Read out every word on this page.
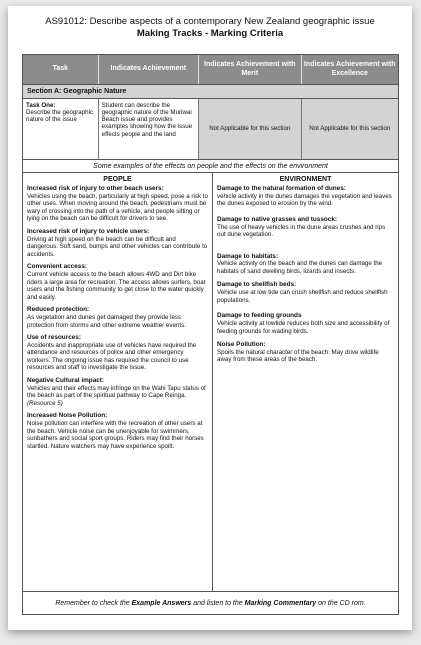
AS91012: Describe aspects of a contemporary New Zealand geographic issue
Making Tracks - Marking Criteria
Task	Indicates Achievement
Indicates Achievement with Merit
Indicates Achievement with Excellence
Section A: Geographic Nature
Task One:
Describe the geographic nature of the issue
Student can describe the geographic nature of the Muriwai Beach issue and provides examples showing how the issue effects people and the land
Not Applicable for this section	Not Applicable for this section
Some examples of the effects on people and the effects on the environment
PEOPLE
Increased risk of injury to other beach users:
Vehicles using the beach, particularly at high speed, pose a risk to other uses. When moving around the beach, pedestrians must be wary of crossing into the path of a vehicle, and people sitting or lying on the beach can be difficult for drivers to see.
Increased risk of injury to vehicle users:
Driving at high speed on the beach can be difficult and dangerous. Soft sand, bumps and other vehicles can contribute to accidents.
Convenient access:
Current vehicle access to the beach allows 4WD and Dirt bike riders a large area for recreation. The access allows surfers, boat users and the fishing community to get close to the water quickly and easily.
Reduced protection:
As vegetation and dunes get damaged they provide less protection from storms and other extreme weather events.
Use of resources:
Accidents and inappropriate use of vehicles have required the attendance and resources of police and other emergency workers. The ongoing issue has required the council to use resources and staff to investigate the issue.
Negative Cultural impact:
Vehicles and their effects may infringe on the Wahi Tapu status of the beach as part of the spiritual pathway to Cape Reinga. (Resource 5)
Increased Noise Pollution:
Noise pollution can interfere with the recreation of other users at the beach. Vehicle noise can be unenjoyable for swimmers, sunbathers and social sport groups. Riders may find their horses startled. Nature watchers may have experience spoilt.
ENVIRONMENT
Damage to the natural formation of dunes:
vehicle activity in the dunes damages the vegetation and leaves the dunes exposed to erosion by the wind.
Damage to native grasses and tussock:
The use of heavy vehicles in the dune areas crushes and rips out dune vegetation.
Damage to habitats:
Vehicle activity on the beach and the dunes can damage the habitats of sand dwelling birds, lizards and insects.
Damage to shellfish beds:
Vehicle use at low tide can crush shellfish and reduce shellfish populations.
Damage to feeding grounds
Vehicle activity at lowtide reduces both size and accessibility of feeding grounds for wading birds.
Noise Pollution:
Spoils the natural character of the beach. May drive wildlife away from these areas of the beach.
Remember to check the Example Answers and listen to the Marking Commentary on the CD rom.
